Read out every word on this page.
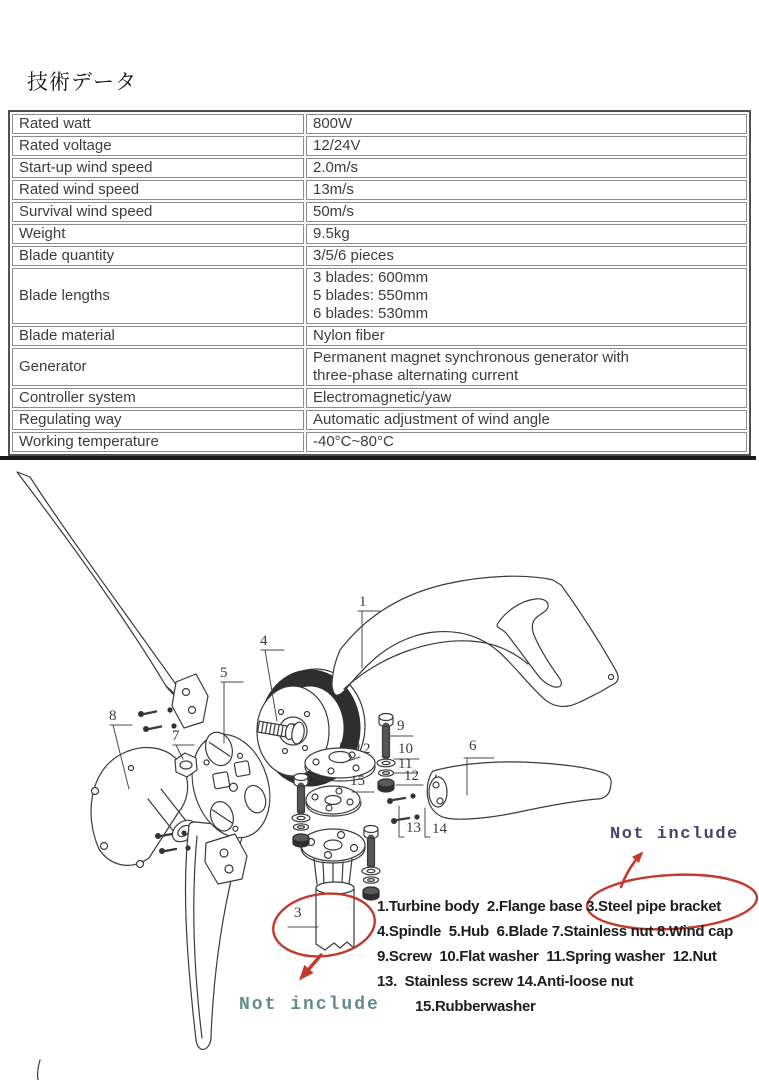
技術データ
Rated watt	800W

Rated voltage	12/24V

Start-up wind speed	2.0m/s

Rated wind speed	13m/s

Survival wind speed	50m/s

Weight	9.5kg

Blade quantity	3/5/6 pieces

Blade lengths	3 blades: 600mm
5 blades: 550mm
6 blades: 530mm

Blade material	Nylon fiber

Generator	Permanent magnet synchronous generator with
three-phase alternating current

Controller system	Electromagnetic/yaw

Regulating way	Automatic adjustment of wind angle

Working temperature	-40°C~80°C
1
4
5
8
7
2
9
10
11
12
15
6
13 14
3	1.Turbine body  2.Flange base 3.Steel pipe bracket
4.Spindle  5.Hub  6.Blade 7.Stainless nut 8.Wind cap
9.Screw  10.Flat washer  11.Spring washer  12.Nut
13.  Stainless screw 14.Anti-loose nut
15.Rubberwasher
Not include
Not include
